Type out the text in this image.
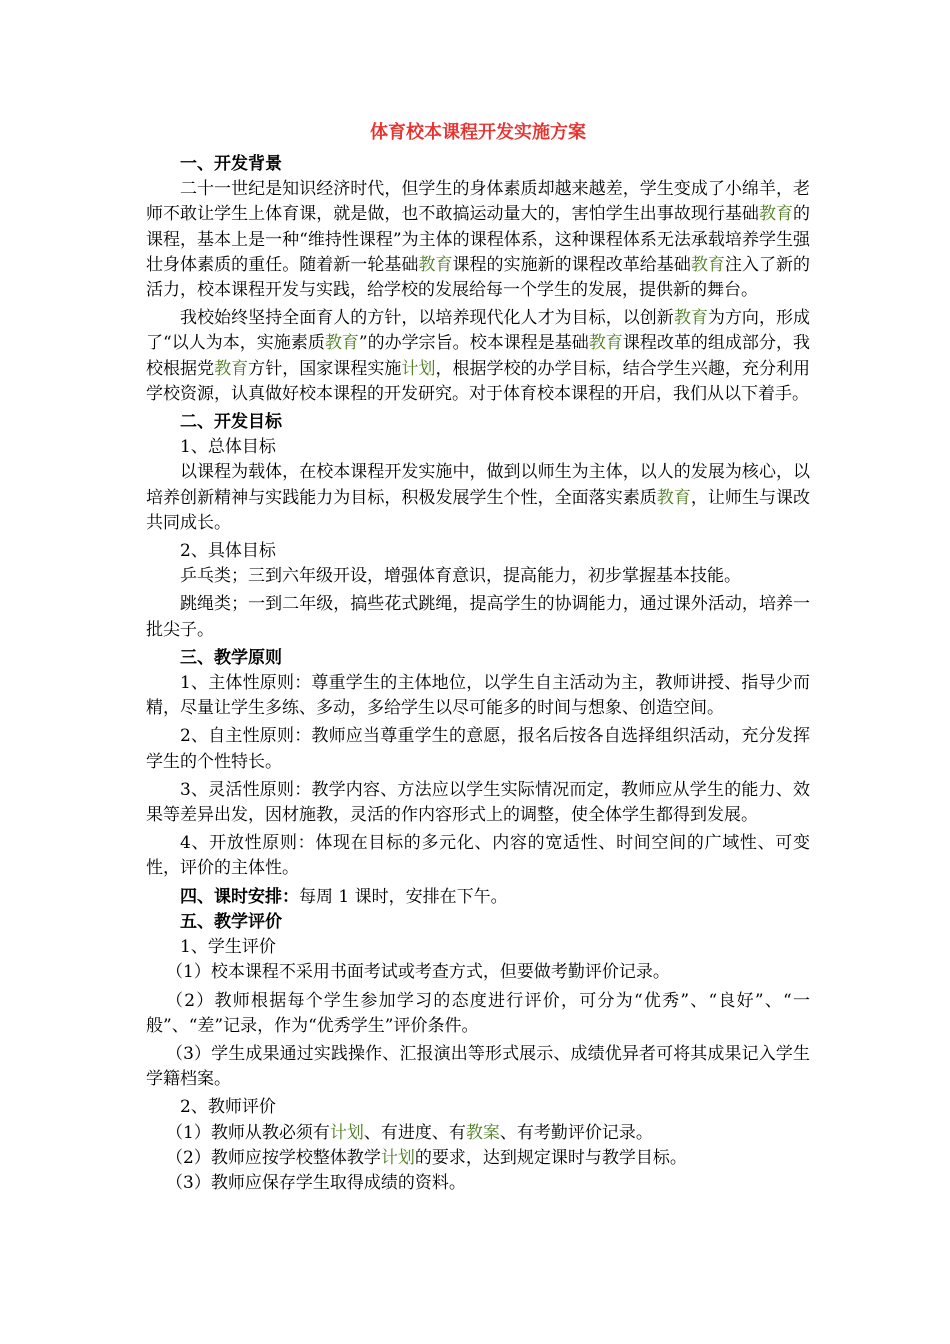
体育校本课程开发实施方案

一、开发背景

二十一世纪是知识经济时代，但学生的身体素质却越来越差，学生变成了小绵羊，老师不敢让学生上体育课，就是做，也不敢搞运动量大的，害怕学生出事故现行基础教育的课程，基本上是一种“维持性课程”为主体的课程体系，这种课程体系无法承载培养学生强壮身体素质的重任。随着新一轮基础教育课程的实施新的课程改革给基础教育注入了新的活力，校本课程开发与实践，给学校的发展给每一个学生的发展，提供新的舞台。

我校始终坚持全面育人的方针，以培养现代化人才为目标，以创新教育为方向，形成了“以人为本，实施素质教育”的办学宗旨。校本课程是基础教育课程改革的组成部分，我校根据党教育方针，国家课程实施计划，根据学校的办学目标，结合学生兴趣，充分利用学校资源，认真做好校本课程的开发研究。对于体育校本课程的开启，我们从以下着手。

二、开发目标

1、总体目标

以课程为载体，在校本课程开发实施中，做到以师生为主体，以人的发展为核心，以培养创新精神与实践能力为目标，积极发展学生个性，全面落实素质教育，让师生与课改共同成长。

2、具体目标

乒乓类；三到六年级开设，增强体育意识，提高能力，初步掌握基本技能。

跳绳类；一到二年级，搞些花式跳绳，提高学生的协调能力，通过课外活动，培养一批尖子。

三、教学原则

1、主体性原则：尊重学生的主体地位，以学生自主活动为主，教师讲授、指导少而精，尽量让学生多练、多动，多给学生以尽可能多的时间与想象、创造空间。

2、自主性原则：教师应当尊重学生的意愿，报名后按各自选择组织活动，充分发挥学生的个性特长。

3、灵活性原则：教学内容、方法应以学生实际情况而定，教师应从学生的能力、效果等差异出发，因材施教，灵活的作内容形式上的调整，使全体学生都得到发展。

4、开放性原则：体现在目标的多元化、内容的宽适性、时间空间的广域性、可变性，评价的主体性。

四、课时安排：每周 1 课时，安排在下午。

五、教学评价

1、学生评价

（1）校本课程不采用书面考试或考查方式，但要做考勤评价记录。

（2）教师根据每个学生参加学习的态度进行评价，可分为“优秀”、“良好”、“一般”、“差”记录，作为“优秀学生”评价条件。

（3）学生成果通过实践操作、汇报演出等形式展示、成绩优异者可将其成果记入学生学籍档案。

2、教师评价

（1）教师从教必须有计划、有进度、有教案、有考勤评价记录。

（2）教师应按学校整体教学计划的要求，达到规定课时与教学目标。

（3）教师应保存学生取得成绩的资料。
